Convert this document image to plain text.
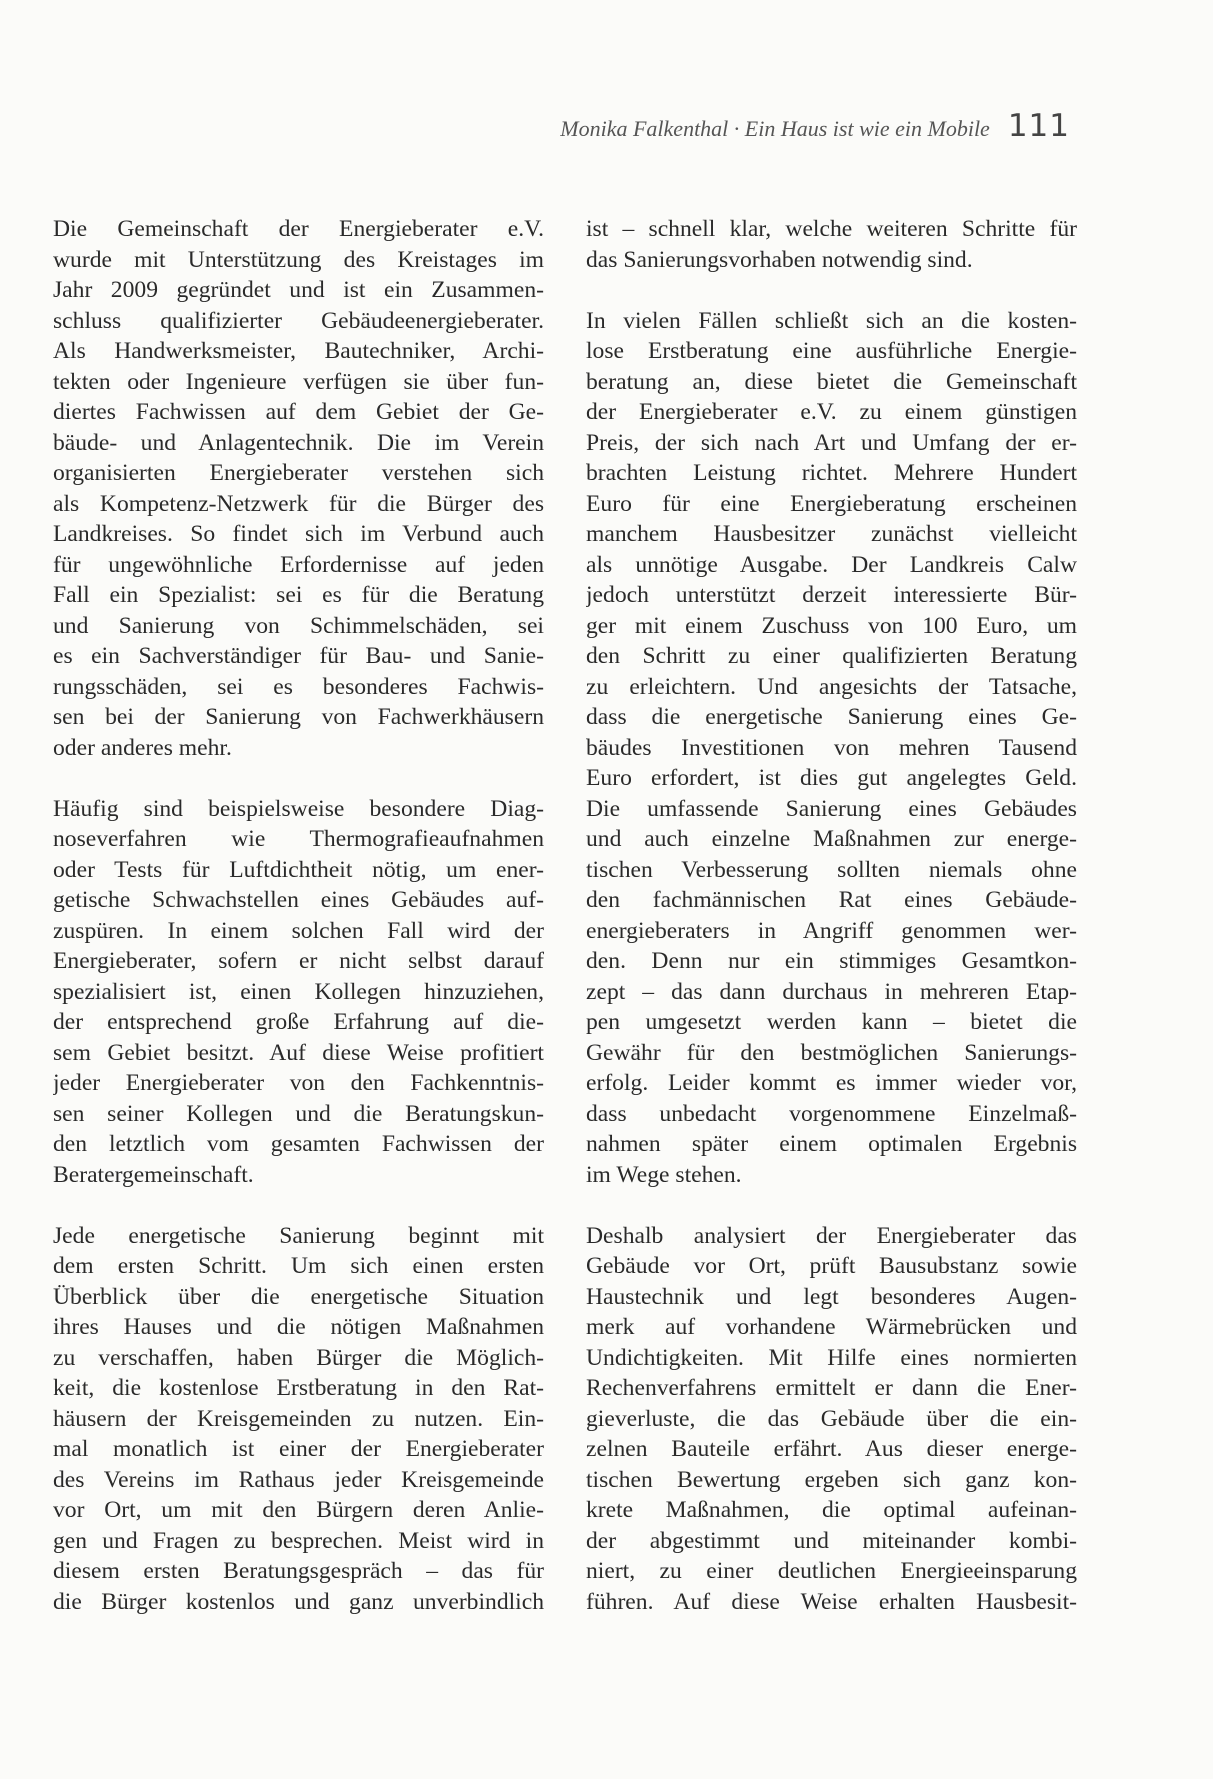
Monika Falkenthal · Ein Haus ist wie ein Mobile 111
Die Gemeinschaft der Energieberater e.V.
wurde mit Unterstützung des Kreistages im
Jahr 2009 gegründet und ist ein Zusammen-
schluss qualifizierter Gebäudeenergieberater.
Als Handwerksmeister, Bautechniker, Archi-
tekten oder Ingenieure verfügen sie über fun-
diertes Fachwissen auf dem Gebiet der Ge-
bäude- und Anlagentechnik. Die im Verein
organisierten Energieberater verstehen sich
als Kompetenz-Netzwerk für die Bürger des
Landkreises. So findet sich im Verbund auch
für ungewöhnliche Erfordernisse auf jeden
Fall ein Spezialist: sei es für die Beratung
und Sanierung von Schimmelschäden, sei
es ein Sachverständiger für Bau- und Sanie-
rungsschäden, sei es besonderes Fachwis-
sen bei der Sanierung von Fachwerkhäusern
oder anderes mehr.
Häufig sind beispielsweise besondere Diag-
noseverfahren wie Thermografieaufnahmen
oder Tests für Luftdichtheit nötig, um ener-
getische Schwachstellen eines Gebäudes auf-
zuspüren. In einem solchen Fall wird der
Energieberater, sofern er nicht selbst darauf
spezialisiert ist, einen Kollegen hinzuziehen,
der entsprechend große Erfahrung auf die-
sem Gebiet besitzt. Auf diese Weise profitiert
jeder Energieberater von den Fachkenntnis-
sen seiner Kollegen und die Beratungskun-
den letztlich vom gesamten Fachwissen der
Beratergemeinschaft.
Jede energetische Sanierung beginnt mit
dem ersten Schritt. Um sich einen ersten
Überblick über die energetische Situation
ihres Hauses und die nötigen Maßnahmen
zu verschaffen, haben Bürger die Möglich-
keit, die kostenlose Erstberatung in den Rat-
häusern der Kreisgemeinden zu nutzen. Ein-
mal monatlich ist einer der Energieberater
des Vereins im Rathaus jeder Kreisgemeinde
vor Ort, um mit den Bürgern deren Anlie-
gen und Fragen zu besprechen. Meist wird in
diesem ersten Beratungsgespräch – das für
die Bürger kostenlos und ganz unverbindlich
ist – schnell klar, welche weiteren Schritte für
das Sanierungsvorhaben notwendig sind.
In vielen Fällen schließt sich an die kosten-
lose Erstberatung eine ausführliche Energie-
beratung an, diese bietet die Gemeinschaft
der Energieberater e.V. zu einem günstigen
Preis, der sich nach Art und Umfang der er-
brachten Leistung richtet. Mehrere Hundert
Euro für eine Energieberatung erscheinen
manchem Hausbesitzer zunächst vielleicht
als unnötige Ausgabe. Der Landkreis Calw
jedoch unterstützt derzeit interessierte Bür-
ger mit einem Zuschuss von 100 Euro, um
den Schritt zu einer qualifizierten Beratung
zu erleichtern. Und angesichts der Tatsache,
dass die energetische Sanierung eines Ge-
bäudes Investitionen von mehren Tausend
Euro erfordert, ist dies gut angelegtes Geld.
Die umfassende Sanierung eines Gebäudes
und auch einzelne Maßnahmen zur energe-
tischen Verbesserung sollten niemals ohne
den fachmännischen Rat eines Gebäude-
energieberaters in Angriff genommen wer-
den. Denn nur ein stimmiges Gesamtkon-
zept – das dann durchaus in mehreren Etap-
pen umgesetzt werden kann – bietet die
Gewähr für den bestmöglichen Sanierungs-
erfolg. Leider kommt es immer wieder vor,
dass unbedacht vorgenommene Einzelmaß-
nahmen später einem optimalen Ergebnis
im Wege stehen.
Deshalb analysiert der Energieberater das
Gebäude vor Ort, prüft Bausubstanz sowie
Haustechnik und legt besonderes Augen-
merk auf vorhandene Wärmebrücken und
Undichtigkeiten. Mit Hilfe eines normierten
Rechenverfahrens ermittelt er dann die Ener-
gieverluste, die das Gebäude über die ein-
zelnen Bauteile erfährt. Aus dieser energe-
tischen Bewertung ergeben sich ganz kon-
krete Maßnahmen, die optimal aufeinan-
der abgestimmt und miteinander kombi-
niert, zu einer deutlichen Energieeinsparung
führen. Auf diese Weise erhalten Hausbesit-
